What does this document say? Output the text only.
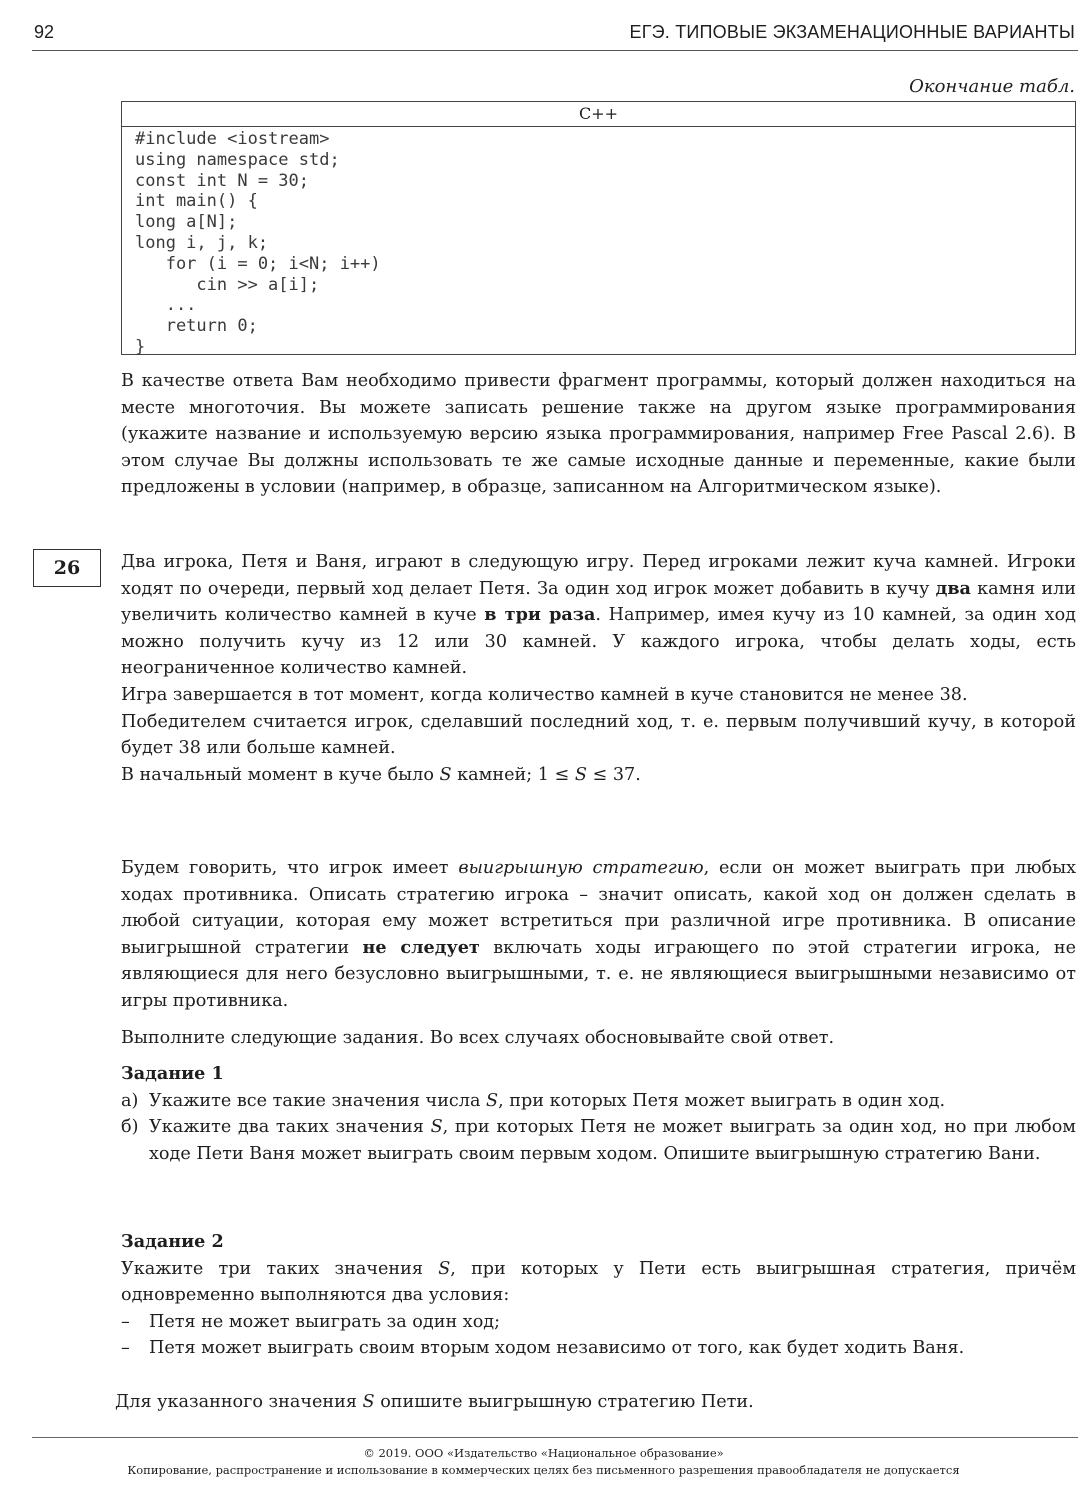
92	ЕГЭ. ТИПОВЫЕ ЭКЗАМЕНАЦИОННЫЕ ВАРИАНТЫ
Окончание табл.
C++
#include <iostream>
using namespace std;
const int N = 30;
int main() {
long a[N];
long i, j, k;
for (i = 0; i<N; i++)
cin >> a[i];
...
return 0;
}

В качестве ответа Вам необходимо привести фрагмент программы, который должен находиться на месте многоточия. Вы можете записать решение также на другом языке программирования (укажите название и используемую версию языка программирования, например Free Pascal 2.6). В этом случае Вы должны использовать те же самые исходные данные и переменные, какие были предложены в условии (например, в образце, записанном на Алгоритмическом языке).

26	Два игрока, Петя и Ваня, играют в следующую игру. Перед игроками лежит куча камней. Игроки ходят по очереди, первый ход делает Петя. За один ход игрок может добавить в кучу два камня или увеличить количество камней в куче в три раза. Например, имея кучу из 10 камней, за один ход можно получить кучу из 12 или 30 камней. У каждого игрока, чтобы делать ходы, есть неограниченное количество камней.

Игра завершается в тот момент, когда количество камней в куче становится не менее 38.

Победителем считается игрок, сделавший последний ход, т. е. первым получивший кучу, в которой будет 38 или больше камней.

В начальный момент в куче было S камней; 1 ≤ S ≤ 37.

Будем говорить, что игрок имеет выигрышную стратегию, если он может выиграть при любых ходах противника. Описать стратегию игрока – значит описать, какой ход он должен сделать в любой ситуации, которая ему может встретиться при различной игре противника. В описание выигрышной стратегии не следует включать ходы играющего по этой стратегии игрока, не являющиеся для него безусловно выигрышными, т. е. не являющиеся выигрышными независимо от игры противника.

Выполните следующие задания. Во всех случаях обосновывайте свой ответ.

Задание 1

а) Укажите все такие значения числа S, при которых Петя может выиграть в один ход.
б) Укажите два таких значения S, при которых Петя не может выиграть за один ход, но при любом ходе Пети Ваня может выиграть своим первым ходом. Опишите выигрышную стратегию Вани.

Задание 2

Укажите три таких значения S, при которых у Пети есть выигрышная стратегия, причём одновременно выполняются два условия:

– Петя не может выиграть за один ход;
– Петя может выиграть своим вторым ходом независимо от того, как будет ходить Ваня.

Для указанного значения S опишите выигрышную стратегию Пети.

© 2019. ООО «Издательство «Национальное образование»
Копирование, распространение и использование в коммерческих целях без письменного разрешения правообладателя не допускается
